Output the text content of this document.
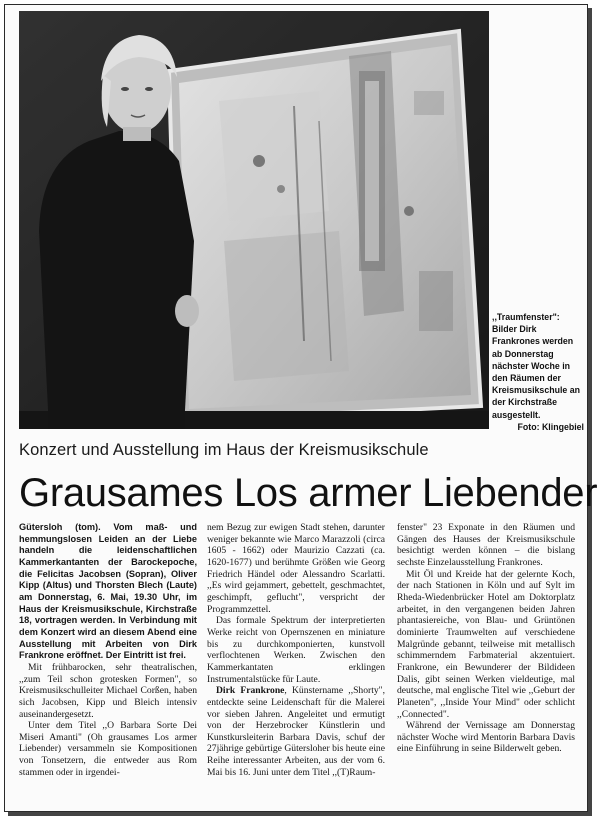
,,Traumfenster": Bilder Dirk Frankrones werden ab Donnerstag nächster Woche in den Räumen der Kreismusikschule an der Kirchstraße ausgestellt.
Foto: Klingebiel
Konzert und Ausstellung im Haus der Kreismusikschule
Grausames Los armer Liebender

Gütersloh (tom). Vom maß- und hemmungslosen Leiden an der Liebe handeln die leidenschaftlichen Kammerkantanten der Barockepoche, die Felicitas Jacobsen (Sopran), Oliver Kipp (Altus) und Thorsten Blech (Laute) am Donnerstag, 6. Mai, 19.30 Uhr, im Haus der Kreismusikschule, Kirchstraße 18, vortragen werden. In Verbindung mit dem Konzert wird an diesem Abend eine Ausstellung mit Arbeiten von Dirk Frankrone eröffnet. Der Eintritt ist frei.

Mit frühbarocken, sehr theatralischen, ,,zum Teil schon grotesken Formen", so Kreismusikschulleiter Michael Corßen, haben sich Jacobsen, Kipp und Bleich intensiv auseinandergesetzt.

Unter dem Titel ,,O Barbara Sorte Dei Miseri Amanti" (Oh grausames Los armer Liebender) versammeln sie Kompositionen von Tonsetzern, die entweder aus Rom stammen oder in irgendei-

nem Bezug zur ewigen Stadt stehen, darunter weniger bekannte wie Marco Marazzoli (circa 1605 - 1662) oder Maurizio Cazzati (ca. 1620-1677) und berühmte Größen wie Georg Friedrich Händel oder Alessandro Scarlatti. ,,Es wird gejammert, gebettelt, geschmachtet, geschimpft, geflucht", verspricht der Programmzettel.

Das formale Spektrum der interpretierten Werke reicht von Opernszenen en miniature bis zu durchkomponierten, kunstvoll verflochtenen Werken. Zwischen den Kammerkantaten erklingen Instrumentalstücke für Laute.

Dirk Frankrone, Künstername ,,Shorty", entdeckte seine Leidenschaft für die Malerei vor sieben Jahren. Angeleitet und ermutigt von der Herzebrocker Künstlerin und Kunstkursleiterin Barbara Davis, schuf der 27jährige gebürtige Gütersloher bis heute eine Reihe interessanter Arbeiten, aus der vom 6. Mai bis 16. Juni unter dem Titel ,,(T)Raum-

fenster" 23 Exponate in den Räumen und Gängen des Hauses der Kreismusikschule besichtigt werden können – die bislang sechste Einzelausstellung Frankrones.

Mit Öl und Kreide hat der gelernte Koch, der nach Stationen in Köln und auf Sylt im Rheda-Wiedenbrücker Hotel am Doktorplatz arbeitet, in den vergangenen beiden Jahren phantasiereiche, von Blau- und Grüntönen dominierte Traumwelten auf verschiedene Malgründe gebannt, teilweise mit metallisch schimmerndem Farbmaterial akzentuiert. Frankrone, ein Bewunderer der Bildideen Dalis, gibt seinen Werken vieldeutige, mal deutsche, mal englische Titel wie ,,Geburt der Planeten", ,,Inside Your Mind" oder schlicht ,,Connected".

Während der Vernissage am Donnerstag nächster Woche wird Mentorin Barbara Davis eine Einführung in seine Bilderwelt geben.
